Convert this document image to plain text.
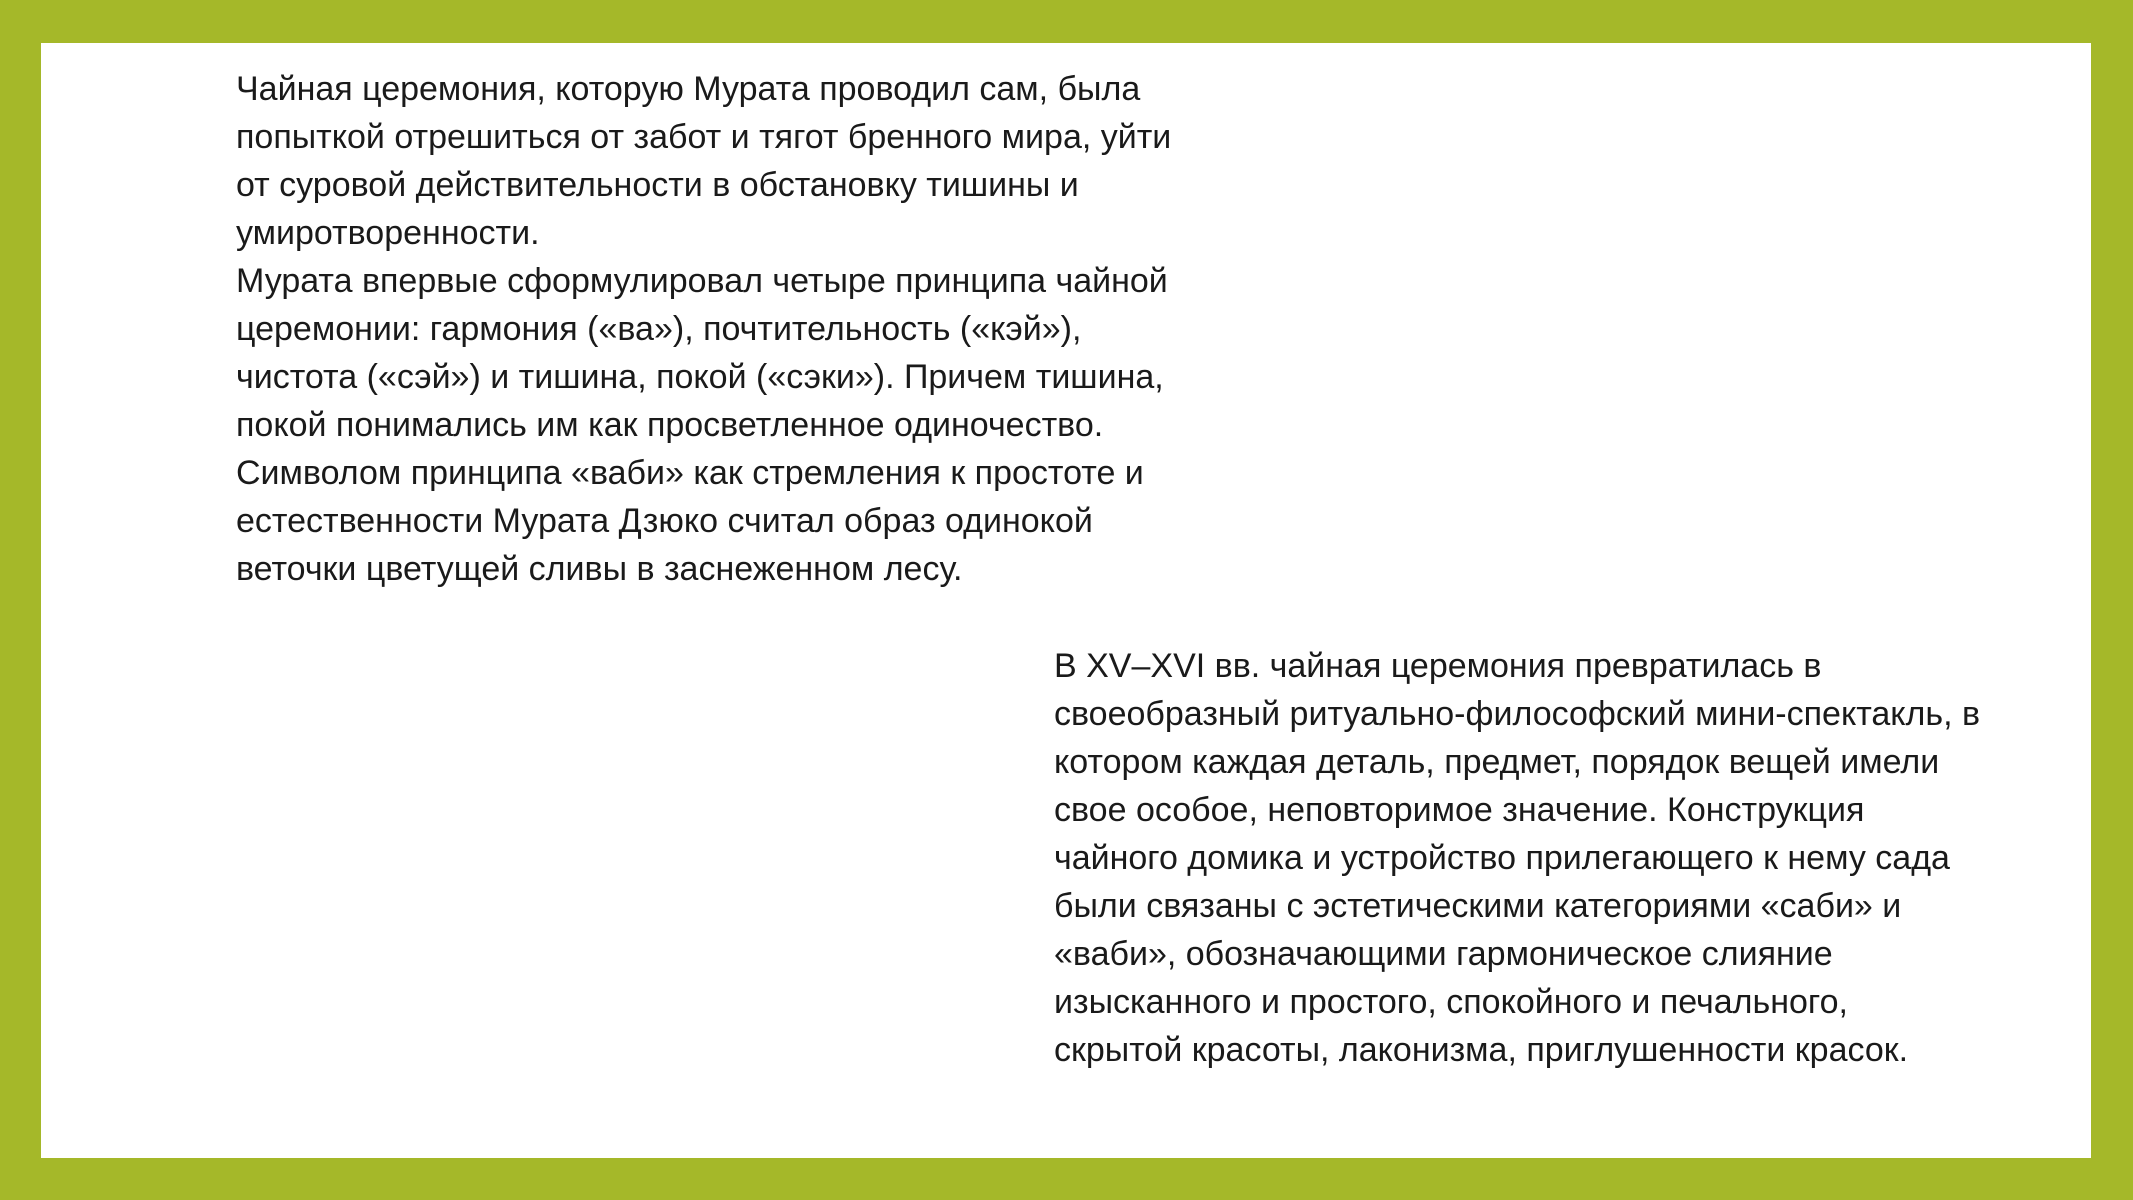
Чайная церемония, которую Мурата проводил сам, была
попыткой отрешиться от забот и тягот бренного мира, уйти
от суровой действительности в обстановку тишины и
умиротворенности.
Мурата впервые сформулировал четыре принципа чайной
церемонии: гармония («ва»), почтительность («кэй»),
чистота («сэй») и тишина, покой («сэки»). Причем тишина,
покой понимались им как просветленное одиночество.
Символом принципа «ваби» как стремления к простоте и
естественности Мурата Дзюко считал образ одинокой
веточки цветущей сливы в заснеженном лесу.
В XV–XVI вв. чайная церемония превратилась в
своеобразный ритуально-философский мини-спектакль, в
котором каждая деталь, предмет, порядок вещей имели
свое особое, неповторимое значение. Конструкция
чайного домика и устройство прилегающего к нему сада
были связаны с эстетическими категориями «саби» и
«ваби», обозначающими гармоническое слияние
изысканного и простого, спокойного и печального,
скрытой красоты, лаконизма, приглушенности красок.
